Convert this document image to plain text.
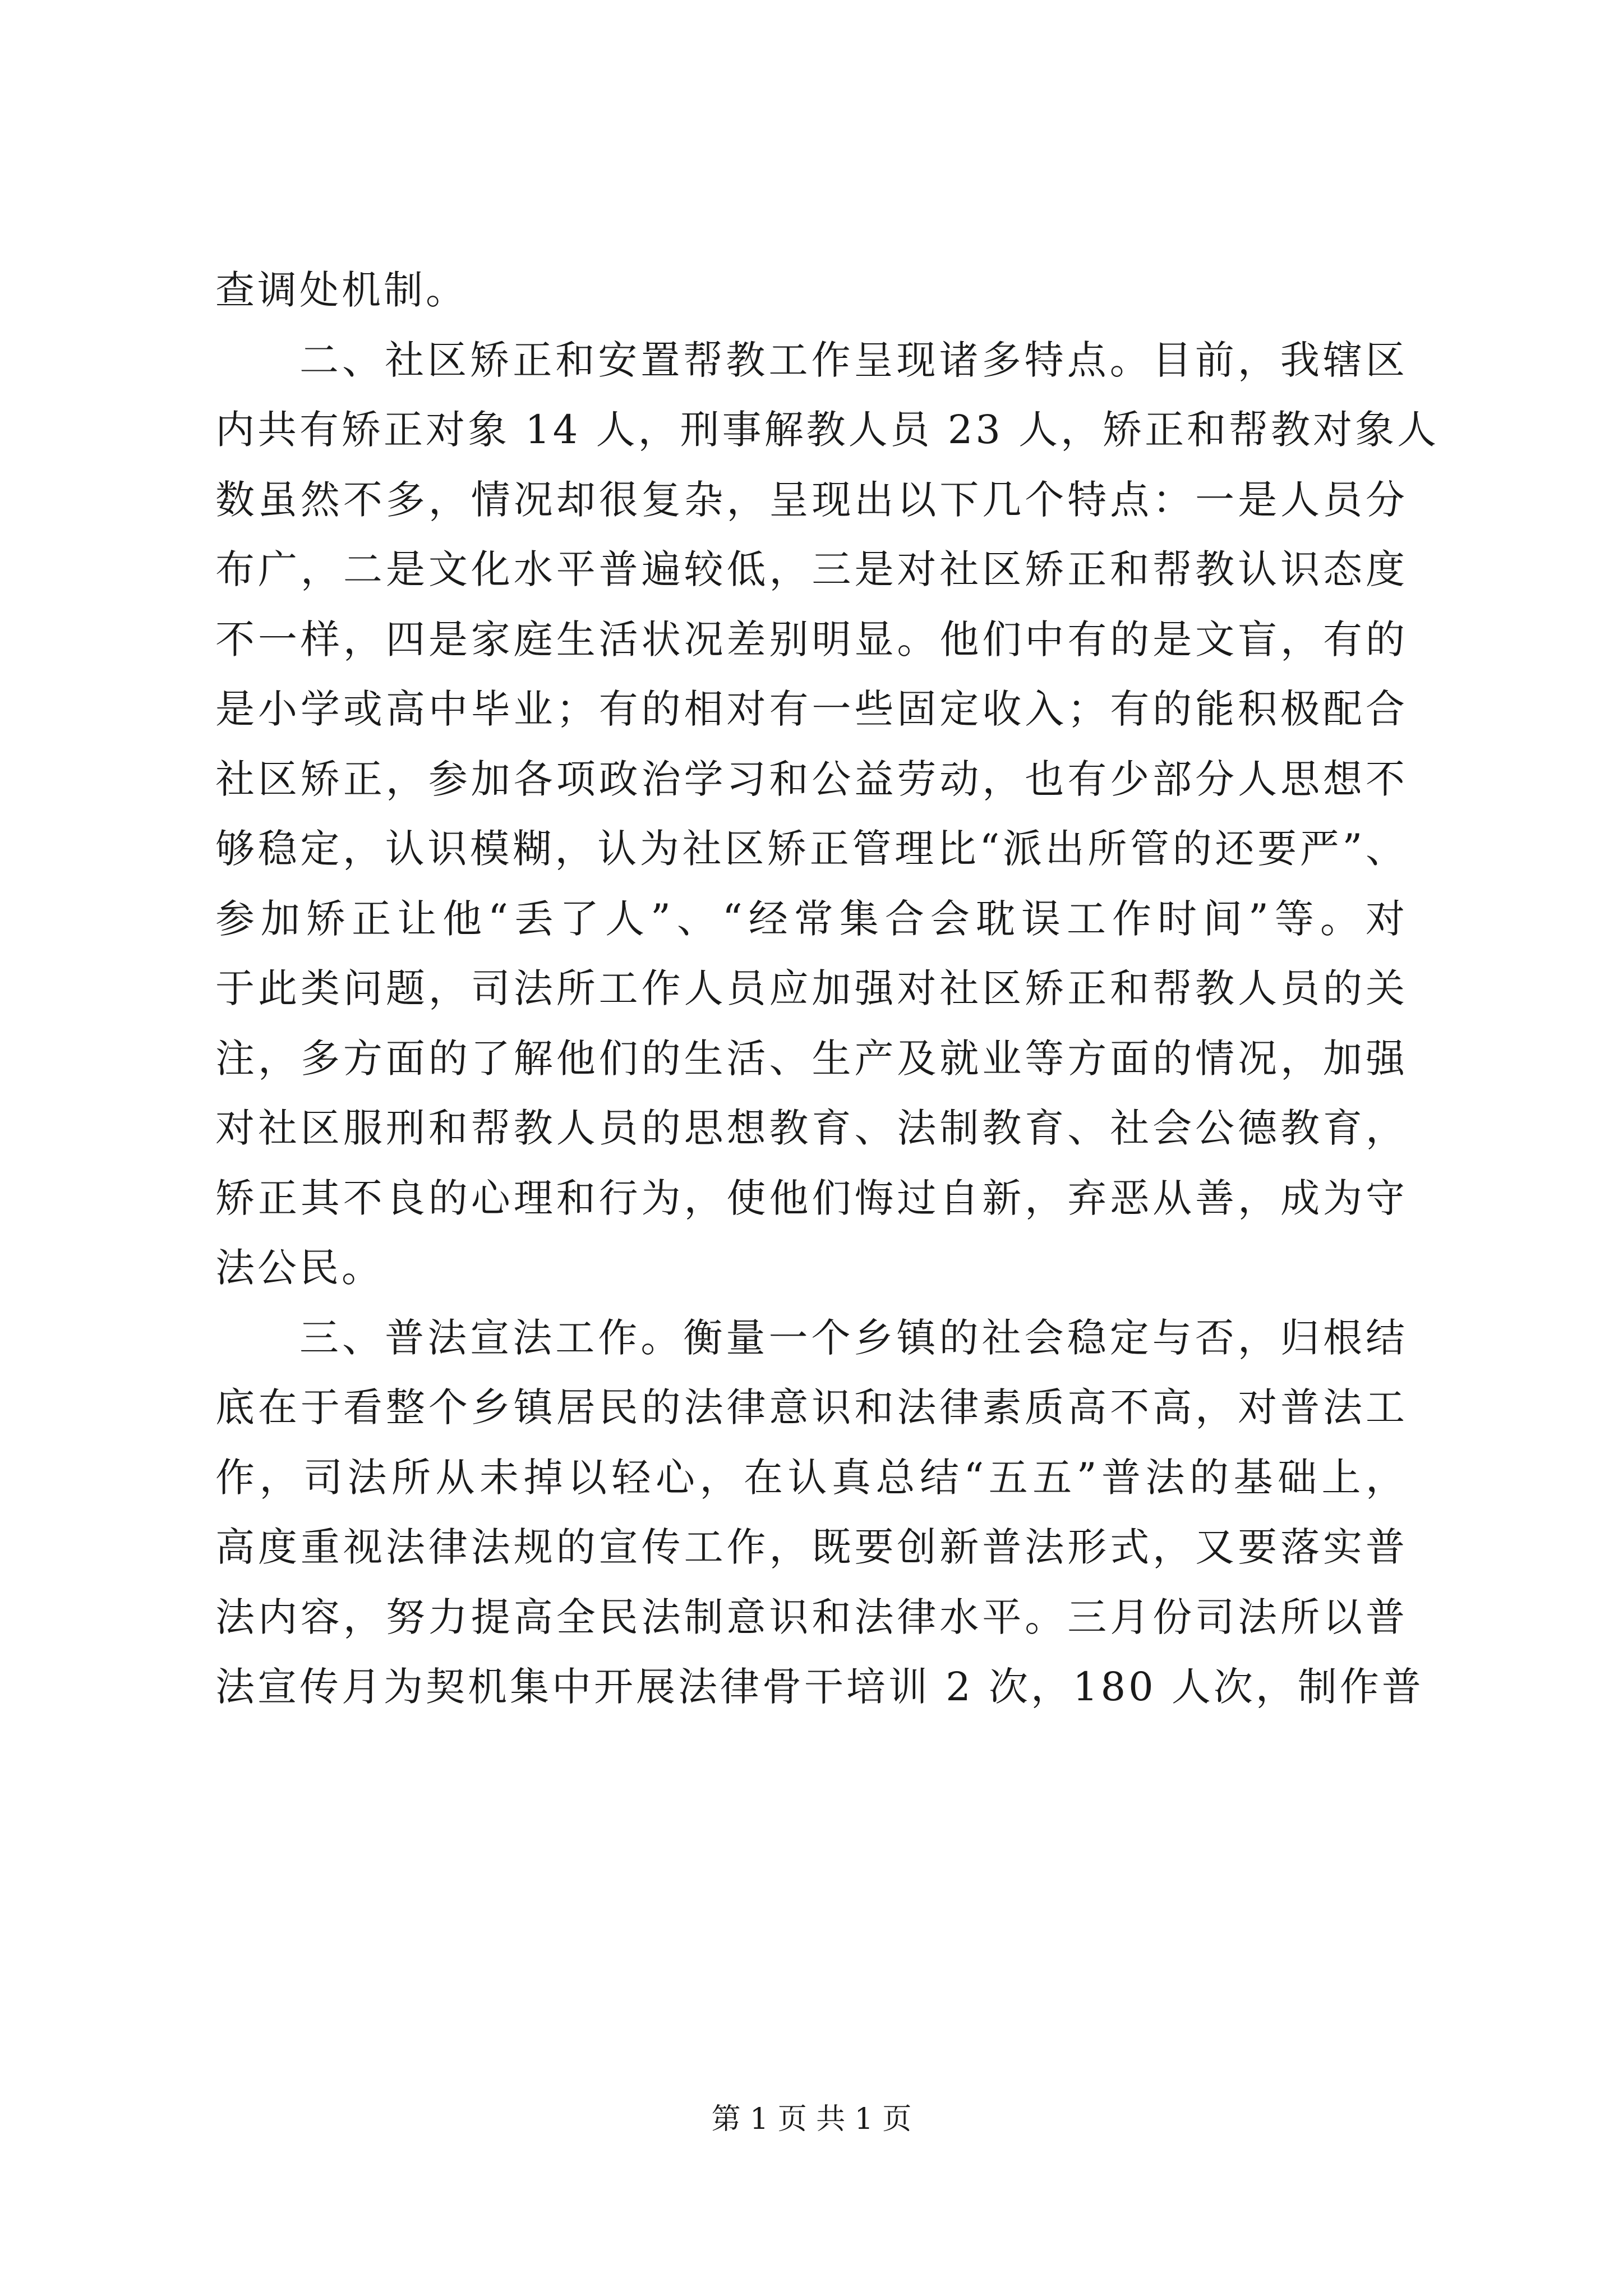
查调处机制。
二、社区矫正和安置帮教工作呈现诸多特点。目前，我辖区
内共有矫正对象 14 人，刑事解教人员 23 人，矫正和帮教对象人
数虽然不多，情况却很复杂，呈现出以下几个特点：一是人员分
布广，二是文化水平普遍较低，三是对社区矫正和帮教认识态度
不一样，四是家庭生活状况差别明显。他们中有的是文盲，有的
是小学或高中毕业；有的相对有一些固定收入；有的能积极配合
社区矫正，参加各项政治学习和公益劳动，也有少部分人思想不
够稳定，认识模糊，认为社区矫正管理比“派出所管的还要严”、
参加矫正让他“丢了人”、“经常集合会耽误工作时间”等。对
于此类问题，司法所工作人员应加强对社区矫正和帮教人员的关
注，多方面的了解他们的生活、生产及就业等方面的情况，加强
对社区服刑和帮教人员的思想教育、法制教育、社会公德教育，
矫正其不良的心理和行为，使他们悔过自新，弃恶从善，成为守
法公民。
三、普法宣法工作。衡量一个乡镇的社会稳定与否，归根结
底在于看整个乡镇居民的法律意识和法律素质高不高，对普法工
作，司法所从未掉以轻心，在认真总结“五五”普法的基础上，
高度重视法律法规的宣传工作，既要创新普法形式，又要落实普
法内容，努力提高全民法制意识和法律水平。三月份司法所以普
法宣传月为契机集中开展法律骨干培训 2 次，180 人次，制作普
第 1 页 共 1 页
